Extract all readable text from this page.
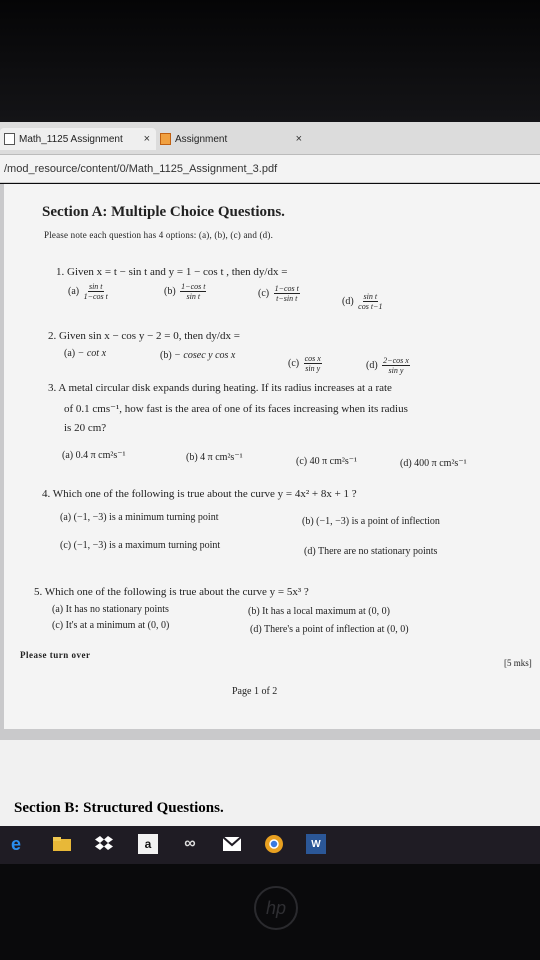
Math_1125 Assignment ×	Assignment	×
/mod_resource/content/0/Math_1125_Assignment_3.pdf
Section A: Multiple Choice Questions.
Please note each question has 4 options: (a), (b), (c) and (d).
1. Given x = t − sin t and y = 1 − cos t , then dy/dx =
$(a) \frac{\text{sin t}}{\text{1−cos t}}$	$(b) \frac{\text{1−cos t}}{\text{sin t}}$	$(c) \frac{\text{1−cos t}}{\text{t−sin t}}$	$(d) \frac{\text{sin t}}{\text{cos t−1}}$
2. Given sin x − cos y − 2 = 0, then dy/dx =
(a) − cot x	(b) − cosec y cos x
$(c) \frac{\text{cos x}}{\text{sin y}}$	$(d) \frac{\text{2−cos x}}{\text{sin y}}$
3. A metal circular disk expands during heating. If its radius increases at a rate
of 0.1 cms⁻¹, how fast is the area of one of its faces increasing when its radius
is 20 cm?
(a) 0.4 π cm²s⁻¹	(b) 4 π cm²s⁻¹	(c) 40 π cm²s⁻¹	(d) 400 π cm²s⁻¹
4. Which one of the following is true about the curve y = 4x² + 8x + 1 ?
(a) (−1, −3) is a minimum turning point	(b) (−1, −3) is a point of inflection
(c) (−1, −3) is a maximum turning point
(d) There are no stationary points
5. Which one of the following is true about the curve y = 5x³ ?
(a) It has no stationary points	(b) It has a local maximum at (0, 0)
(c) It's at a minimum at (0, 0)	(d) There's a point of inflection at (0, 0)
Please turn over
[5 mks]
Page 1 of 2
Section B: Structured Questions.
e	a	∞	W
hp
